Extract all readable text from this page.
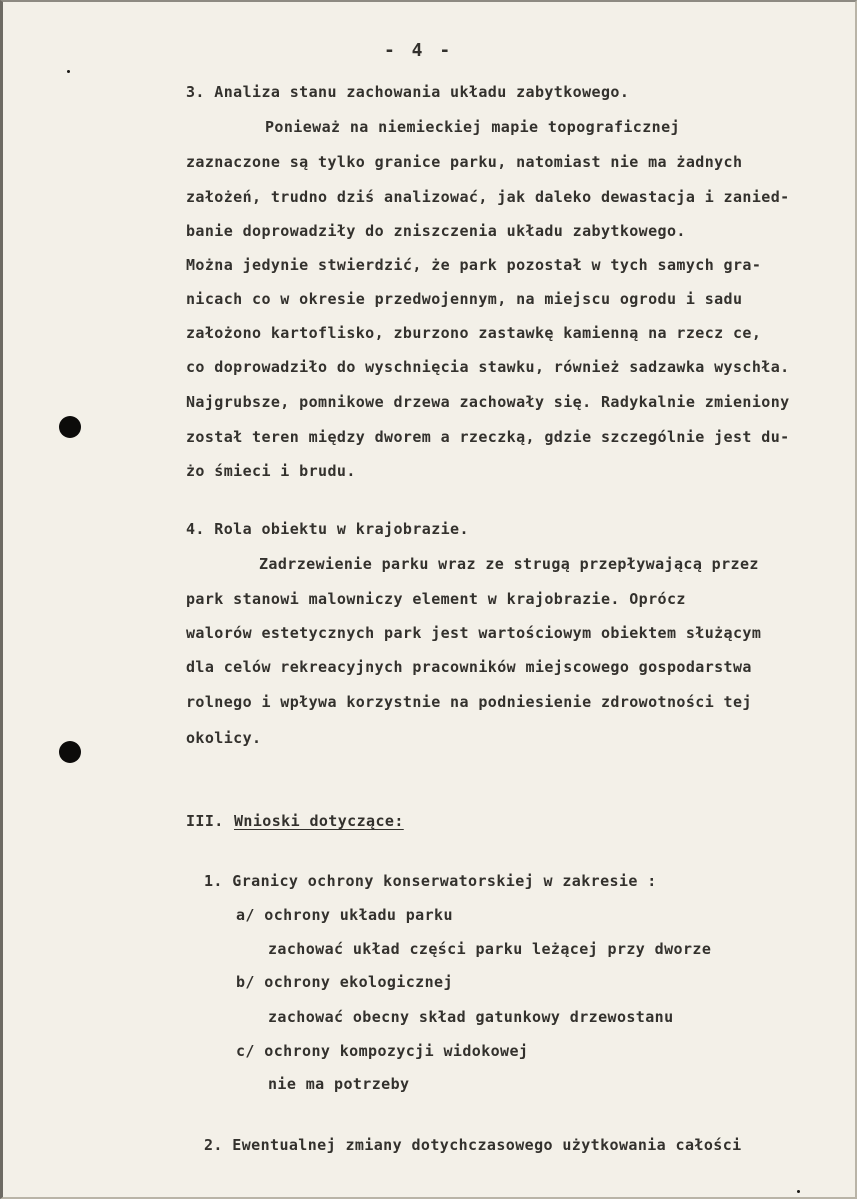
- 4 -
3. Analiza stanu zachowania układu zabytkowego.
Ponieważ na niemieckiej mapie topograficznej
zaznaczone są tylko granice parku, natomiast nie ma żadnych
założeń, trudno dziś analizować, jak daleko dewastacja i zanied-
banie doprowadziły do zniszczenia układu zabytkowego.
Można jedynie stwierdzić, że park pozostał w tych samych gra-
nicach co w okresie przedwojennym, na miejscu ogrodu i sadu
założono kartoflisko, zburzono zastawkę kamienną na rzecz ce,
co doprowadziło do wyschnięcia stawku, również sadzawka wyschła.
Najgrubsze, pomnikowe drzewa zachowały się. Radykalnie zmieniony
został teren między dworem a rzeczką, gdzie szczególnie jest du-
żo śmieci i brudu.
4. Rola obiektu w krajobrazie.
Zadrzewienie parku wraz ze strugą przepływającą przez
park stanowi malowniczy element w krajobrazie. Oprócz
walorów estetycznych park jest wartościowym obiektem służącym
dla celów rekreacyjnych pracowników miejscowego gospodarstwa
rolnego i wpływa korzystnie na podniesienie zdrowotności tej
okolicy.
III. Wnioski dotyczące:
1. Granicy ochrony konserwatorskiej w zakresie :
a/ ochrony układu parku
zachować układ części parku leżącej przy dworze
b/ ochrony ekologicznej
zachować obecny skład gatunkowy drzewostanu
c/ ochrony kompozycji widokowej
nie ma potrzeby
2. Ewentualnej zmiany dotychczasowego użytkowania całości
